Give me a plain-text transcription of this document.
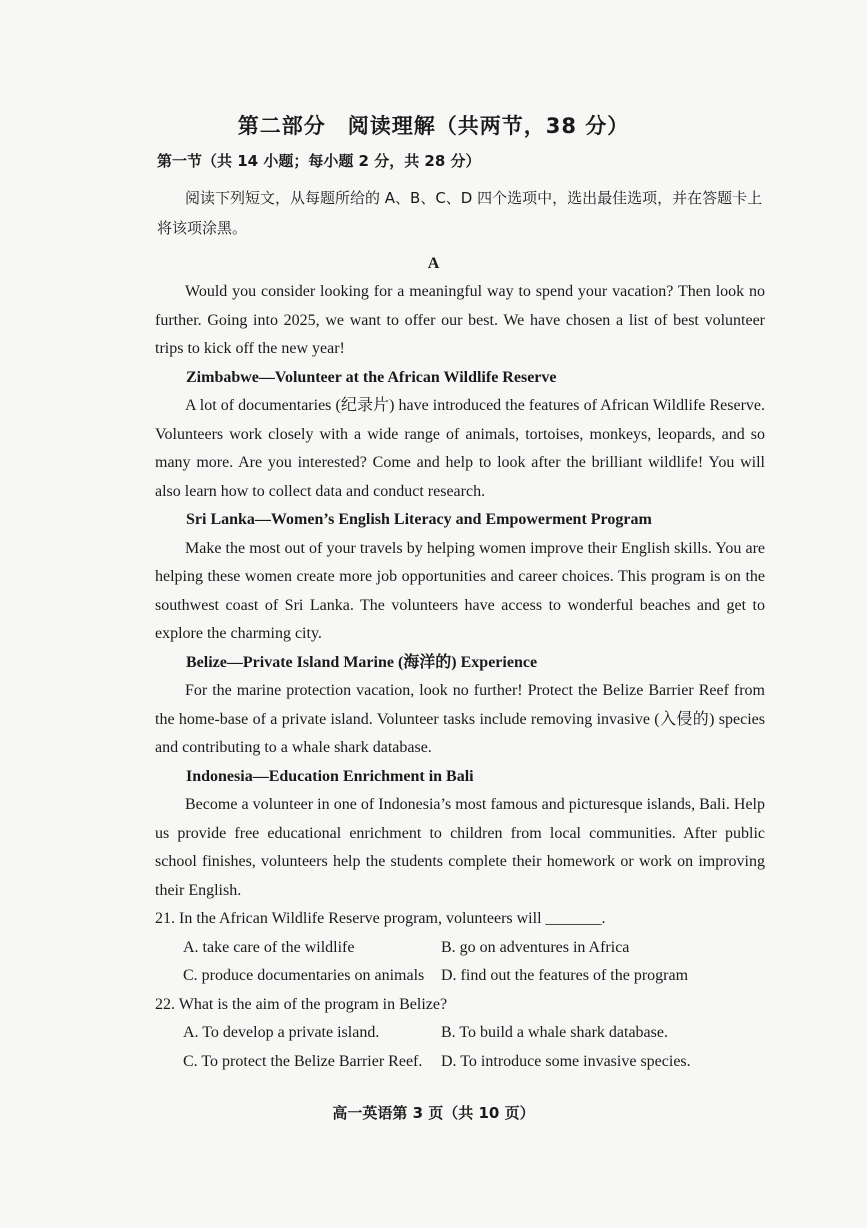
第二部分　阅读理解（共两节，38 分）
第一节（共 14 小题；每小题 2 分，共 28 分）
阅读下列短文，从每题所给的 A、B、C、D 四个选项中，选出最佳选项，并在答题卡上将该项涂黑。
A

Would you consider looking for a meaningful way to spend your vacation? Then look no further. Going into 2025, we want to offer our best. We have chosen a list of best volunteer trips to kick off the new year!

Zimbabwe—Volunteer at the African Wildlife Reserve

A lot of documentaries (纪录片) have introduced the features of African Wildlife Reserve. Volunteers work closely with a wide range of animals, tortoises, monkeys, leopards, and so many more. Are you interested? Come and help to look after the brilliant wildlife! You will also learn how to collect data and conduct research.

Sri Lanka—Women’s English Literacy and Empowerment Program

Make the most out of your travels by helping women improve their English skills. You are helping these women create more job opportunities and career choices. This program is on the southwest coast of Sri Lanka. The volunteers have access to wonderful beaches and get to explore the charming city.

Belize—Private Island Marine (海洋的) Experience

For the marine protection vacation, look no further! Protect the Belize Barrier Reef from the home-base of a private island. Volunteer tasks include removing invasive (入侵的) species and contributing to a whale shark database.

Indonesia—Education Enrichment in Bali

Become a volunteer in one of Indonesia’s most famous and picturesque islands, Bali. Help us provide free educational enrichment to children from local communities. After public school finishes, volunteers help the students complete their homework or work on improving their English.

21. In the African Wildlife Reserve program, volunteers will _______.

A. take care of the wildlife	B. go on adventures in Africa
C. produce documentaries on animals	D. find out the features of the program

22. What is the aim of the program in Belize?

A. To develop a private island.	B. To build a whale shark database.
C. To protect the Belize Barrier Reef.	D. To introduce some invasive species.
高一英语第 3 页（共 10 页）
